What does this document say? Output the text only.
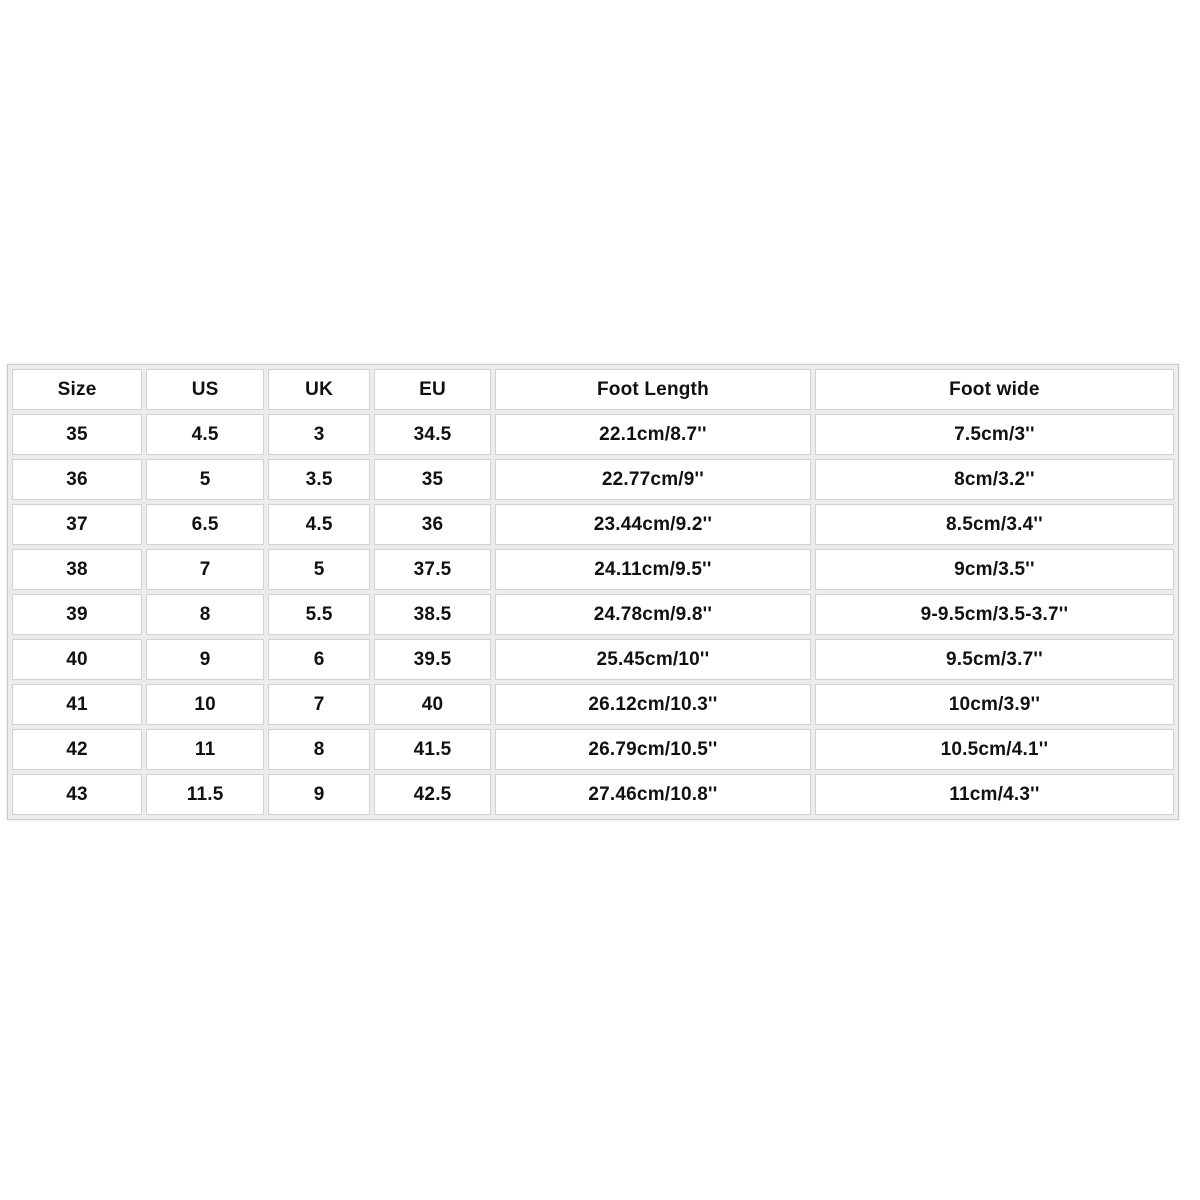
Size	US	UK	EU	Foot Length	Foot wide
35	4.5	3	34.5	22.1cm/8.7''	7.5cm/3''
36	5	3.5	35	22.77cm/9''	8cm/3.2''
37	6.5	4.5	36	23.44cm/9.2''	8.5cm/3.4''
38	7	5	37.5	24.11cm/9.5''	9cm/3.5''
39	8	5.5	38.5	24.78cm/9.8''	9-9.5cm/3.5-3.7''
40	9	6	39.5	25.45cm/10''	9.5cm/3.7''
41	10	7	40	26.12cm/10.3''	10cm/3.9''
42	11	8	41.5	26.79cm/10.5''	10.5cm/4.1''
43	11.5	9	42.5	27.46cm/10.8''	11cm/4.3''
